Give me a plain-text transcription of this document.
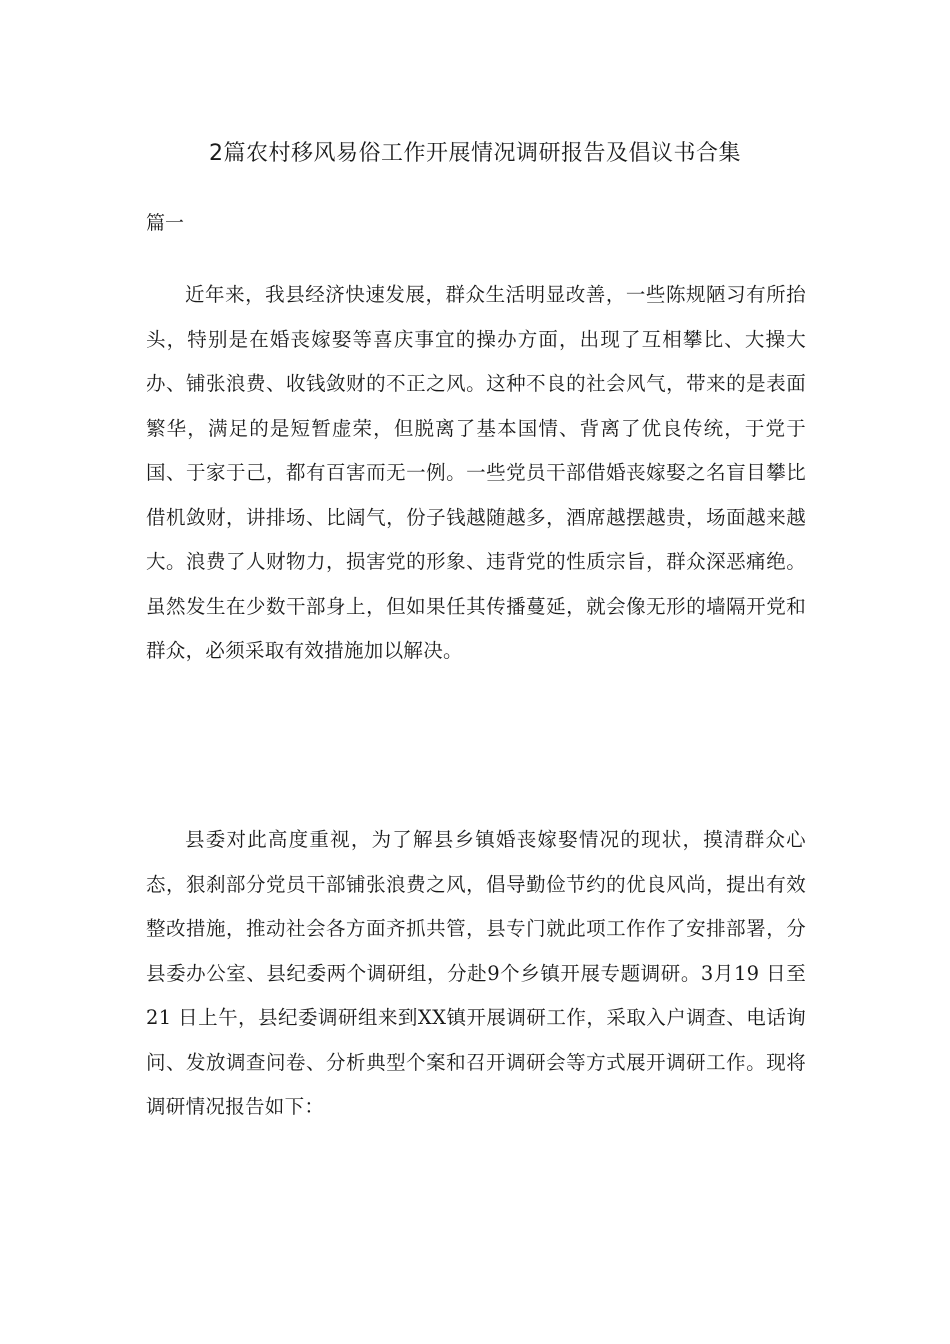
2篇农村移风易俗工作开展情况调研报告及倡议书合集
篇一

近年来，我县经济快速发展，群众生活明显改善，一些陈规陋习有所抬头，特别是在婚丧嫁娶等喜庆事宜的操办方面，出现了互相攀比、大操大办、铺张浪费、收钱敛财的不正之风。这种不良的社会风气，带来的是表面繁华，满足的是短暂虚荣，但脱离了基本国情、背离了优良传统，于党于国、于家于己，都有百害而无一例。一些党员干部借婚丧嫁娶之名盲目攀比借机敛财，讲排场、比阔气，份子钱越随越多，酒席越摆越贵，场面越来越大。浪费了人财物力，损害党的形象、违背党的性质宗旨，群众深恶痛绝。虽然发生在少数干部身上，但如果任其传播蔓延，就会像无形的墙隔开党和群众，必须采取有效措施加以解决。

县委对此高度重视，为了解县乡镇婚丧嫁娶情况的现状，摸清群众心态，狠刹部分党员干部铺张浪费之风，倡导勤俭节约的优良风尚，提出有效整改措施，推动社会各方面齐抓共管，县专门就此项工作作了安排部署，分县委办公室、县纪委两个调研组，分赴9个乡镇开展专题调研。3月19 日至21 日上午，县纪委调研组来到XX镇开展调研工作，采取入户调查、电话询问、发放调查问卷、分析典型个案和召开调研会等方式展开调研工作。现将调研情况报告如下：
